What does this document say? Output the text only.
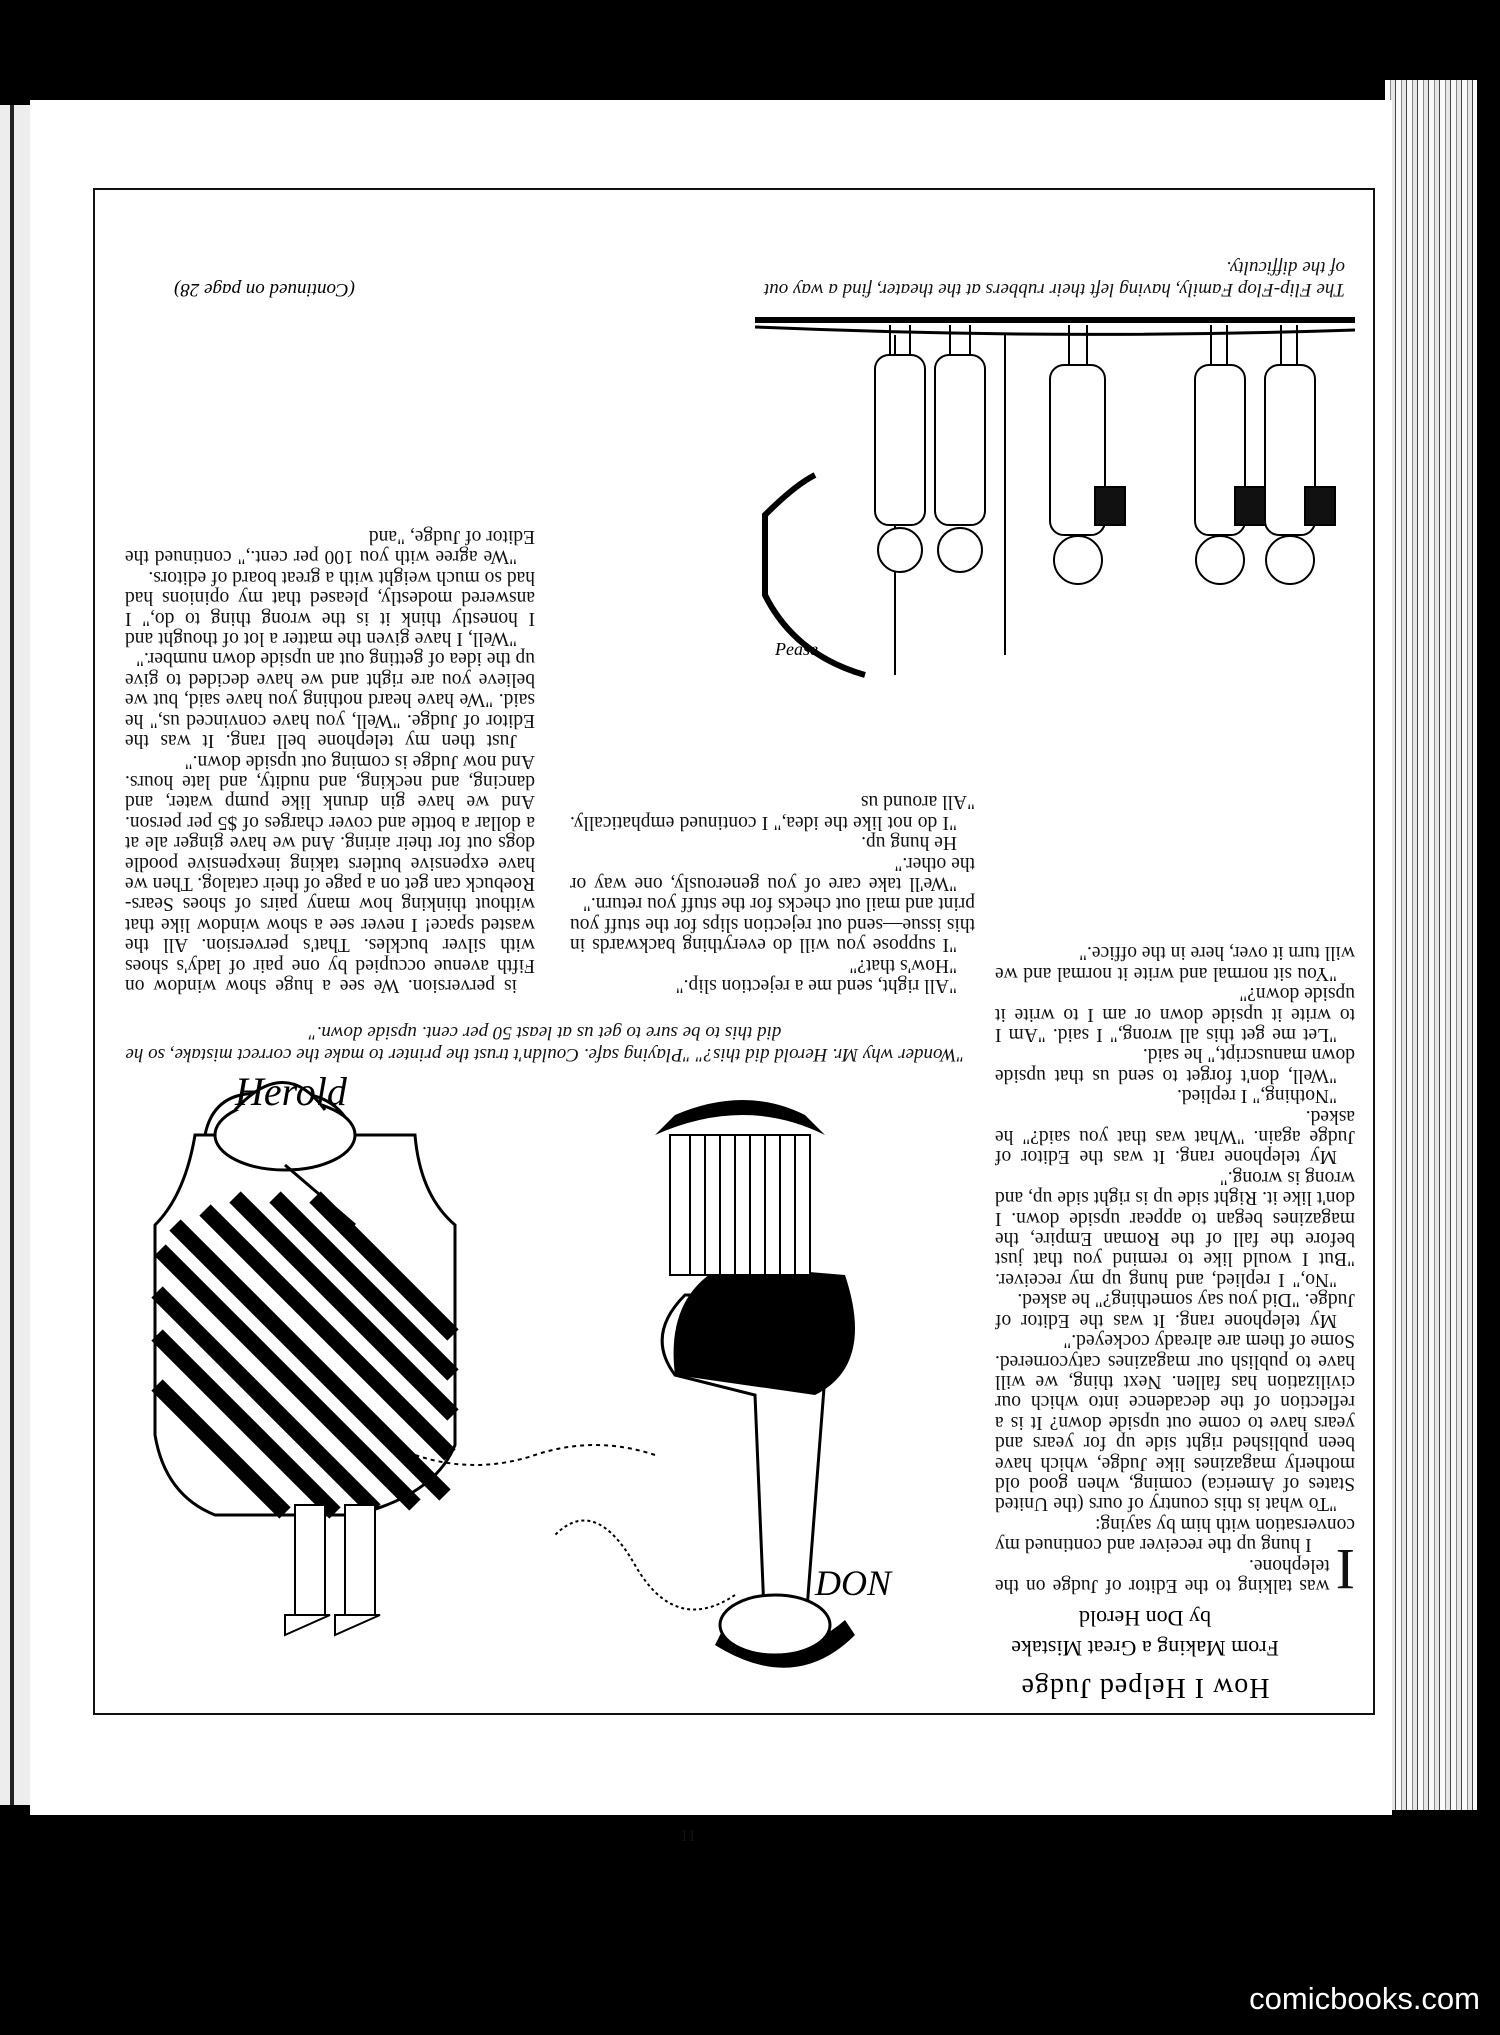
How I Helped Judge
From Making a Great Mistake
by Don Herold

I
was talking to the Editor of Judge on the telephone.

I hung up the receiver and continued my conversation with him by saying:

"To what is this country of ours (the United States of America) coming, when good old motherly magazines like Judge, which have been published right side up for years and years have to come out upside down? It is a reflection of the decadence into which our civilization has fallen. Next thing, we will have to publish our magazines catycornered. Some of them are already cockeyed."

My telephone rang. It was the Editor of Judge. "Did you say something?" he asked.

"No," I replied, and hung up my receiver. "But I would like to remind you that just before the fall of the Roman Empire, the magazines began to appear upside down. I don't like it. Right side up is right side up, and wrong is wrong."

My telephone rang. It was the Editor of Judge again. "What was that you said?" he asked.

"Nothing," I replied.

"Well, don't forget to send us that upside down manuscript," he said.

"Let me get this all wrong," I said. "Am I to write it upside down or am I to write it upside down?"

"You sit normal and write it normal and we will turn it over, here in the office."

Herold
DON
"Wonder why Mr. Herold did this?" "Playing safe. Couldn't trust the printer to make the correct mistake, so he did this to be sure to get us at least 50 per cent. upside down."

"All right, send me a rejection slip."

"How's that?"

"I suppose you will do everything backwards in this issue—send out rejection slips for the stuff you print and mail out checks for the stuff you return."

"We'll take care of you generously, one way or the other."

He hung up.

"I do not like the idea," I continued emphatically. "All around us

is perversion. We see a huge show window on Fifth avenue occupied by one pair of lady's shoes with silver buckles. That's perversion. All the wasted space! I never see a show window like that without thinking how many pairs of shoes Sears-Roebuck can get on a page of their catalog. Then we have expensive butlers taking inexpensive poodle dogs out for their airing. And we have ginger ale at a dollar a bottle and cover charges of $5 per person. And we have gin drunk like pump water, and dancing, and necking, and nudity, and late hours. And now Judge is coming out upside down."

Just then my telephone bell rang. It was the Editor of Judge. "Well, you have convinced us," he said. "We have heard nothing you have said, but we believe you are right and we have decided to give up the idea of getting out an upside down number."

"Well, I have given the matter a lot of thought and I honestly think it is the wrong thing to do," I answered modestly, pleased that my opinions had had so much weight with a great board of editors.

"We agree with you 100 per cent.," continued the Editor of Judge, "and

Pease
The Flip-Flop Family, having left their rubbers at the theater, find a way out of the difficulty.
(Continued on page 28)
11
comicbooks.com
